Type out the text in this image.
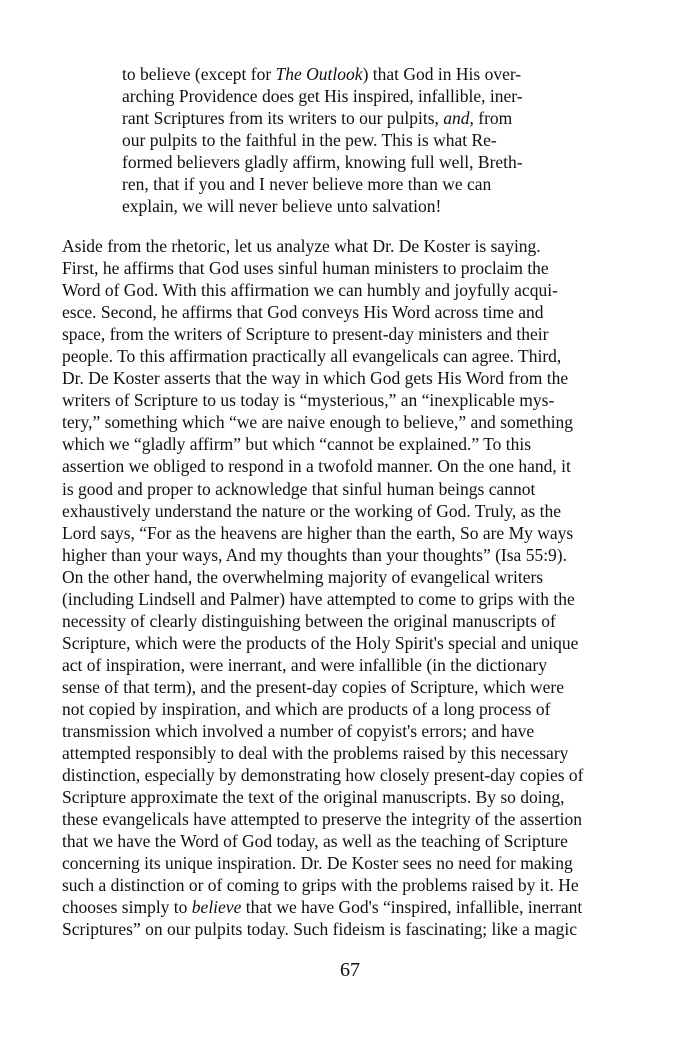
to believe (except for The Outlook) that God in His over-
arching Providence does get His inspired, infallible, iner-
rant Scriptures from its writers to our pulpits, and, from
our pulpits to the faithful in the pew. This is what Re-
formed believers gladly affirm, knowing full well, Breth-
ren, that if you and I never believe more than we can
explain, we will never believe unto salvation!
Aside from the rhetoric, let us analyze what Dr. De Koster is saying.
First, he affirms that God uses sinful human ministers to proclaim the
Word of God. With this affirmation we can humbly and joyfully acqui-
esce. Second, he affirms that God conveys His Word across time and
space, from the writers of Scripture to present-day ministers and their
people. To this affirmation practically all evangelicals can agree. Third,
Dr. De Koster asserts that the way in which God gets His Word from the
writers of Scripture to us today is “mysterious,” an “inexplicable mys-
tery,” something which “we are naive enough to believe,” and something
which we “gladly affirm” but which “cannot be explained.” To this
assertion we obliged to respond in a twofold manner. On the one hand, it
is good and proper to acknowledge that sinful human beings cannot
exhaustively understand the nature or the working of God. Truly, as the
Lord says, “For as the heavens are higher than the earth, So are My ways
higher than your ways, And my thoughts than your thoughts” (Isa 55:9).
On the other hand, the overwhelming majority of evangelical writers
(including Lindsell and Palmer) have attempted to come to grips with the
necessity of clearly distinguishing between the original manuscripts of
Scripture, which were the products of the Holy Spirit's special and unique
act of inspiration, were inerrant, and were infallible (in the dictionary
sense of that term), and the present-day copies of Scripture, which were
not copied by inspiration, and which are products of a long process of
transmission which involved a number of copyist's errors; and have
attempted responsibly to deal with the problems raised by this necessary
distinction, especially by demonstrating how closely present-day copies of
Scripture approximate the text of the original manuscripts. By so doing,
these evangelicals have attempted to preserve the integrity of the assertion
that we have the Word of God today, as well as the teaching of Scripture
concerning its unique inspiration. Dr. De Koster sees no need for making
such a distinction or of coming to grips with the problems raised by it. He
chooses simply to believe that we have God's “inspired, infallible, inerrant
Scriptures” on our pulpits today. Such fideism is fascinating; like a magic
67
